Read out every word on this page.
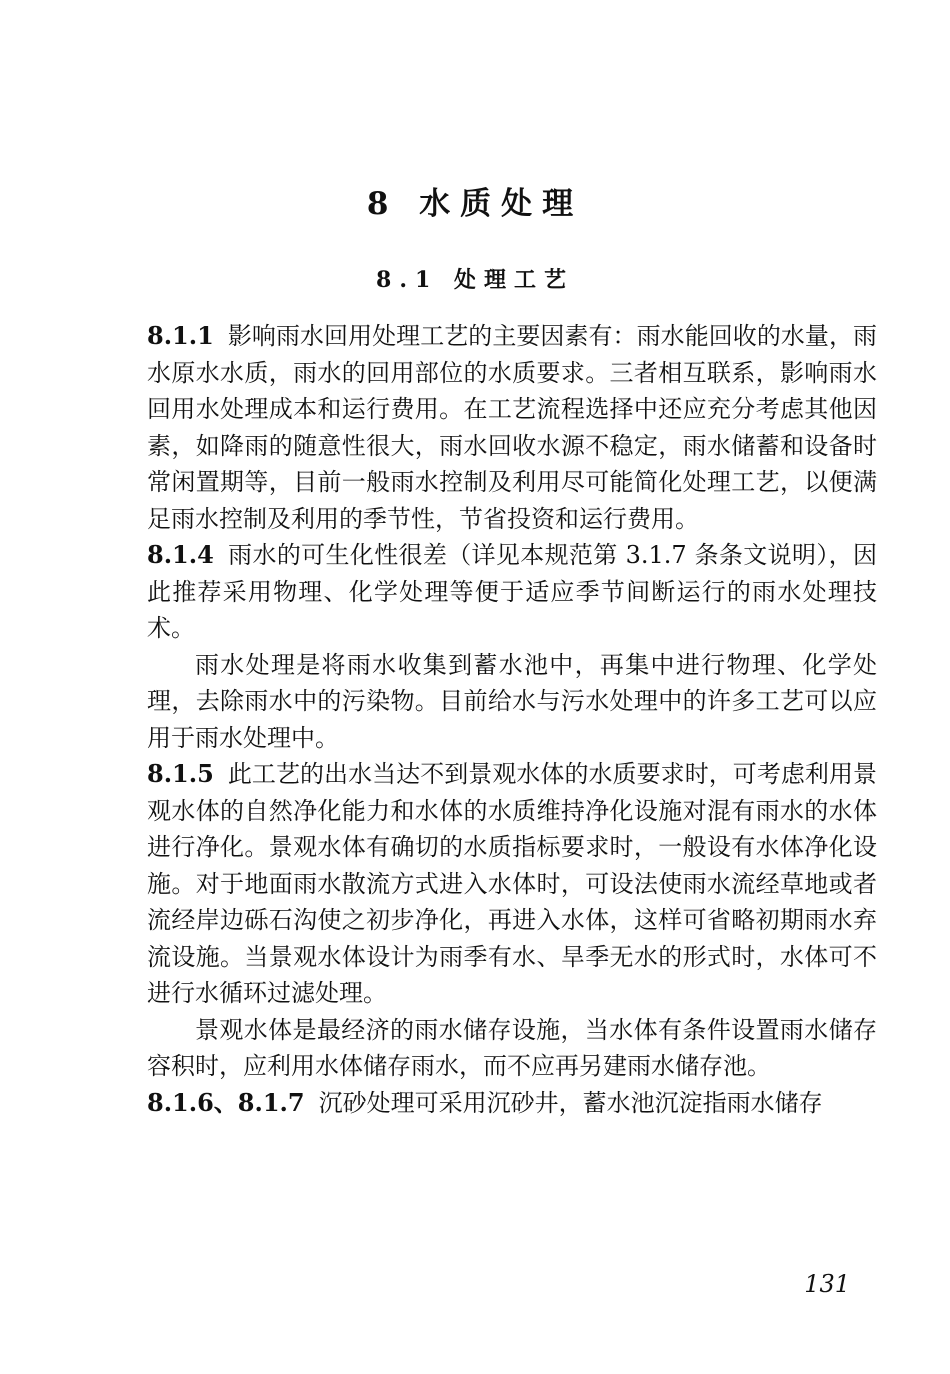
8 水质处理
8.1 处理工艺

8.1.1 影响雨水回用处理工艺的主要因素有：雨水能回收的水量，雨水原水水质，雨水的回用部位的水质要求。三者相互联系，影响雨水回用水处理成本和运行费用。在工艺流程选择中还应充分考虑其他因素，如降雨的随意性很大，雨水回收水源不稳定，雨水储蓄和设备时常闲置期等，目前一般雨水控制及利用尽可能简化处理工艺，以便满足雨水控制及利用的季节性，节省投资和运行费用。

8.1.4 雨水的可生化性很差（详见本规范第 3.1.7 条条文说明），因此推荐采用物理、化学处理等便于适应季节间断运行的雨水处理技术。

雨水处理是将雨水收集到蓄水池中，再集中进行物理、化学处理，去除雨水中的污染物。目前给水与污水处理中的许多工艺可以应用于雨水处理中。

8.1.5 此工艺的出水当达不到景观水体的水质要求时，可考虑利用景观水体的自然净化能力和水体的水质维持净化设施对混有雨水的水体进行净化。景观水体有确切的水质指标要求时，一般设有水体净化设施。对于地面雨水散流方式进入水体时，可设法使雨水流经草地或者流经岸边砾石沟使之初步净化，再进入水体，这样可省略初期雨水弃流设施。当景观水体设计为雨季有水、旱季无水的形式时，水体可不进行水循环过滤处理。

景观水体是最经济的雨水储存设施，当水体有条件设置雨水储存容积时，应利用水体储存雨水，而不应再另建雨水储存池。

8.1.6、8.1.7 沉砂处理可采用沉砂井，蓄水池沉淀指雨水储存

131
